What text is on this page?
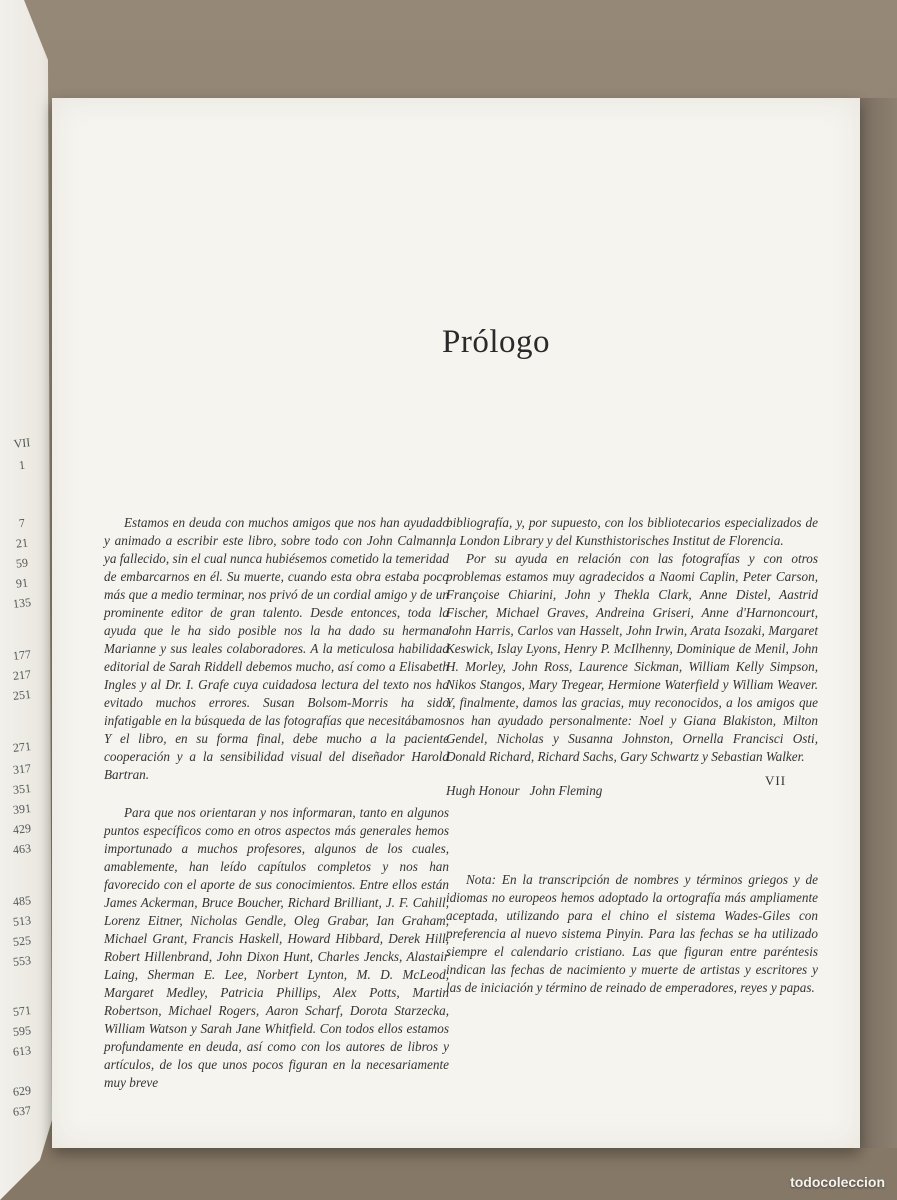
VII
1
7
21
59
91
135
177
217
251
271
317
351
391
429
463
485
513
525
553
571
595
613
629
637
Prólogo

Estamos en deuda con muchos amigos que nos han ayudado y animado a escribir este libro, sobre todo con John Calmann, ya fallecido, sin el cual nunca hubiésemos cometido la temeridad de embarcarnos en él. Su muerte, cuando esta obra estaba poco más que a medio terminar, nos privó de un cordial amigo y de un prominente editor de gran talento. Desde entonces, toda la ayuda que le ha sido posible nos la ha dado su hermana Marianne y sus leales colaboradores. A la meticulosa habilidad editorial de Sarah Riddell debemos mucho, así como a Elisabeth Ingles y al Dr. I. Grafe cuya cuidadosa lectura del texto nos ha evitado muchos errores. Susan Bolsom-Morris ha sido infatigable en la búsqueda de las fotografías que necesitábamos. Y el libro, en su forma final, debe mucho a la paciente cooperación y a la sensibilidad visual del diseñador Harold Bartran.

Para que nos orientaran y nos informaran, tanto en algunos puntos específicos como en otros aspectos más generales hemos importunado a muchos profesores, algunos de los cuales, amablemente, han leído capítulos completos y nos han favorecido con el aporte de sus conocimientos. Entre ellos están James Ackerman, Bruce Boucher, Richard Brilliant, J. F. Cahill, Lorenz Eitner, Nicholas Gendle, Oleg Grabar, Ian Graham, Michael Grant, Francis Haskell, Howard Hibbard, Derek Hill, Robert Hillenbrand, John Dixon Hunt, Charles Jencks, Alastair Laing, Sherman E. Lee, Norbert Lynton, M. D. McLeod, Margaret Medley, Patricia Phillips, Alex Potts, Martin Robertson, Michael Rogers, Aaron Scharf, Dorota Starzecka, William Watson y Sarah Jane Whitfield. Con todos ellos estamos profundamente en deuda, así como con los autores de libros y artículos, de los que unos pocos figuran en la necesariamente muy breve

bibliografía, y, por supuesto, con los bibliotecarios especializados de la London Library y del Kunsthistorisches Institut de Florencia.

Por su ayuda en relación con las fotografías y con otros problemas estamos muy agradecidos a Naomi Caplin, Peter Carson, Françoise Chiarini, John y Thekla Clark, Anne Distel, Aastrid Fischer, Michael Graves, Andreina Griseri, Anne d'Harnoncourt, John Harris, Carlos van Hasselt, John Irwin, Arata Isozaki, Margaret Keswick, Islay Lyons, Henry P. McIlhenny, Dominique de Menil, John H. Morley, John Ross, Laurence Sickman, William Kelly Simpson, Nikos Stangos, Mary Tregear, Hermione Waterfield y William Weaver. Y, finalmente, damos las gracias, muy reconocidos, a los amigos que nos han ayudado personalmente: Noel y Giana Blakiston, Milton Gendel, Nicholas y Susanna Johnston, Ornella Francisci Osti, Donald Richard, Richard Sachs, Gary Schwartz y Sebastian Walker.

Hugh Honour   John Fleming

Nota: En la transcripción de nombres y términos griegos y de idiomas no europeos hemos adoptado la ortografía más ampliamente aceptada, utilizando para el chino el sistema Wades-Giles con preferencia al nuevo sistema Pinyin. Para las fechas se ha utilizado siempre el calendario cristiano. Las que figuran entre paréntesis indican las fechas de nacimiento y muerte de artistas y escritores y las de iniciación y término de reinado de emperadores, reyes y papas.

VII
todocoleccion
